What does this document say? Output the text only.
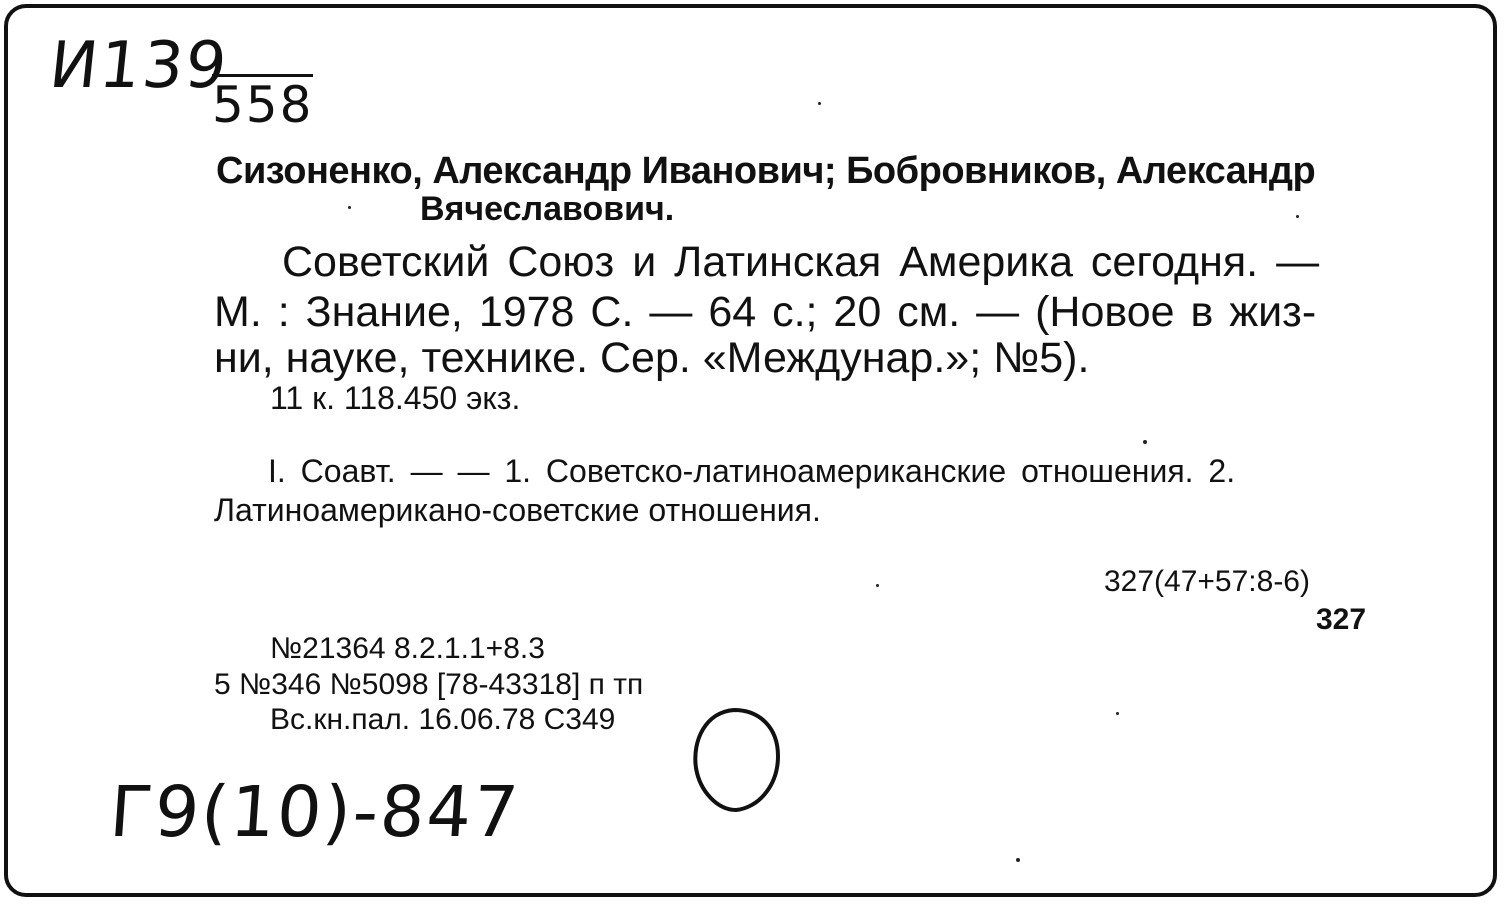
И139
558
Сизоненко, Александр Иванович; Бобровников, Александр
Вячеславович.
Советский Союз и Латинская Америка сегодня. —
М. : Знание, 1978 С. — 64 с.; 20 см. — (Новое в жиз-
ни, науке, технике. Сер. «Междунар.»; №5).
11 к. 118.450 экз.
I. Соавт. — — 1. Советско-латиноамериканские отношения. 2.
Латиноамерикано-советские отношения.
327(47+57:8-6)
327
№21364 8.2.1.1+8.3
5 №346 №5098 [78-43318] п тп
Вс.кн.пал. 16.06.78 С349
Г9(10)-847
